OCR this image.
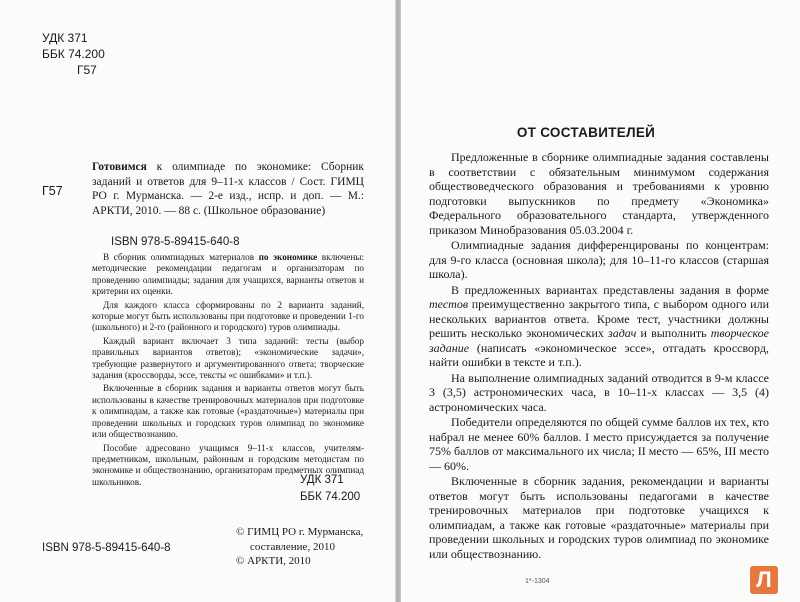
УДК 371
ББК 74.200
Г57
Г57
Готовимся к олимпиаде по экономике: Сборник заданий и ответов для 9–11-х классов / Сост. ГИМЦ РО г. Мурманска. — 2-е изд., испр. и доп. — М.: АРКТИ, 2010. — 88 с. (Школьное образование)
ISBN 978-5-89415-640-8

В сборник олимпиадных материалов по экономике включены: методические рекомендации педагогам и организаторам по проведению олимпиады; задания для учащихся, варианты ответов и критерии их оценки.

Для каждого класса сформированы по 2 варианта заданий, которые могут быть использованы при подготовке и проведении 1-го (школьного) и 2-го (районного и городского) туров олимпиады.

Каждый вариант включает 3 типа заданий: тесты (выбор правильных вариантов ответов); «экономические задачи», требующие развернутого и аргументированного ответа; творческие задания (кроссворды, эссе, тексты «с ошибками» и т.п.).

Включенные в сборник задания и варианты ответов могут быть использованы в качестве тренировочных материалов при подготовке к олимпиадам, а также как готовые («раздаточные») материалы при проведении школьных и городских туров олимпиад по экономике или обществознанию.

Пособие адресовано учащимся 9–11-х классов, учителям-предметникам, школьным, районным и городским методистам по экономике и обществознанию, организаторам предметных олимпиад школьников.	УДК 371
ББК 74.200
© ГИМЦ РО г. Мурманска,
составление, 2010
© АРКТИ, 2010
ISBN 978-5-89415-640-8
ОТ СОСТАВИТЕЛЕЙ

Предложенные в сборнике олимпиадные задания составлены в соответствии с обязательным минимумом содержания обществоведческого образования и требованиями к уровню подготовки выпускников по предмету «Экономика» Федерального образовательного стандарта, утвержденного приказом Минобразования 05.03.2004 г.

Олимпиадные задания дифференцированы по концентрам: для 9-го класса (основная школа); для 10–11-го классов (старшая школа).

В предложенных вариантах представлены задания в форме тестов преимущественно закрытого типа, с выбором одного или нескольких вариантов ответа. Кроме тест, участники должны решить несколько экономических задач и выполнить творческое задание (написать «экономическое эссе», отгадать кроссворд, найти ошибки в тексте и т.п.).

На выполнение олимпиадных заданий отводится в 9-м классе 3 (3,5) астрономических часа, в 10–11-х классах — 3,5 (4) астрономических часа.

Победители определяются по общей сумме баллов их тех, кто набрал не менее 60% баллов. I место присуждается за получение 75% баллов от максимального их числа; II место — 65%, III место — 60%.

Включенные в сборник задания, рекомендации и варианты ответов могут быть использованы педагогами в качестве тренировочных материалов при подготовке учащихся к олимпиадам, а также как готовые «раздаточные» материалы при проведении школьных и городских туров олимпиад по экономике или обществознанию.

1*-1304	Л
